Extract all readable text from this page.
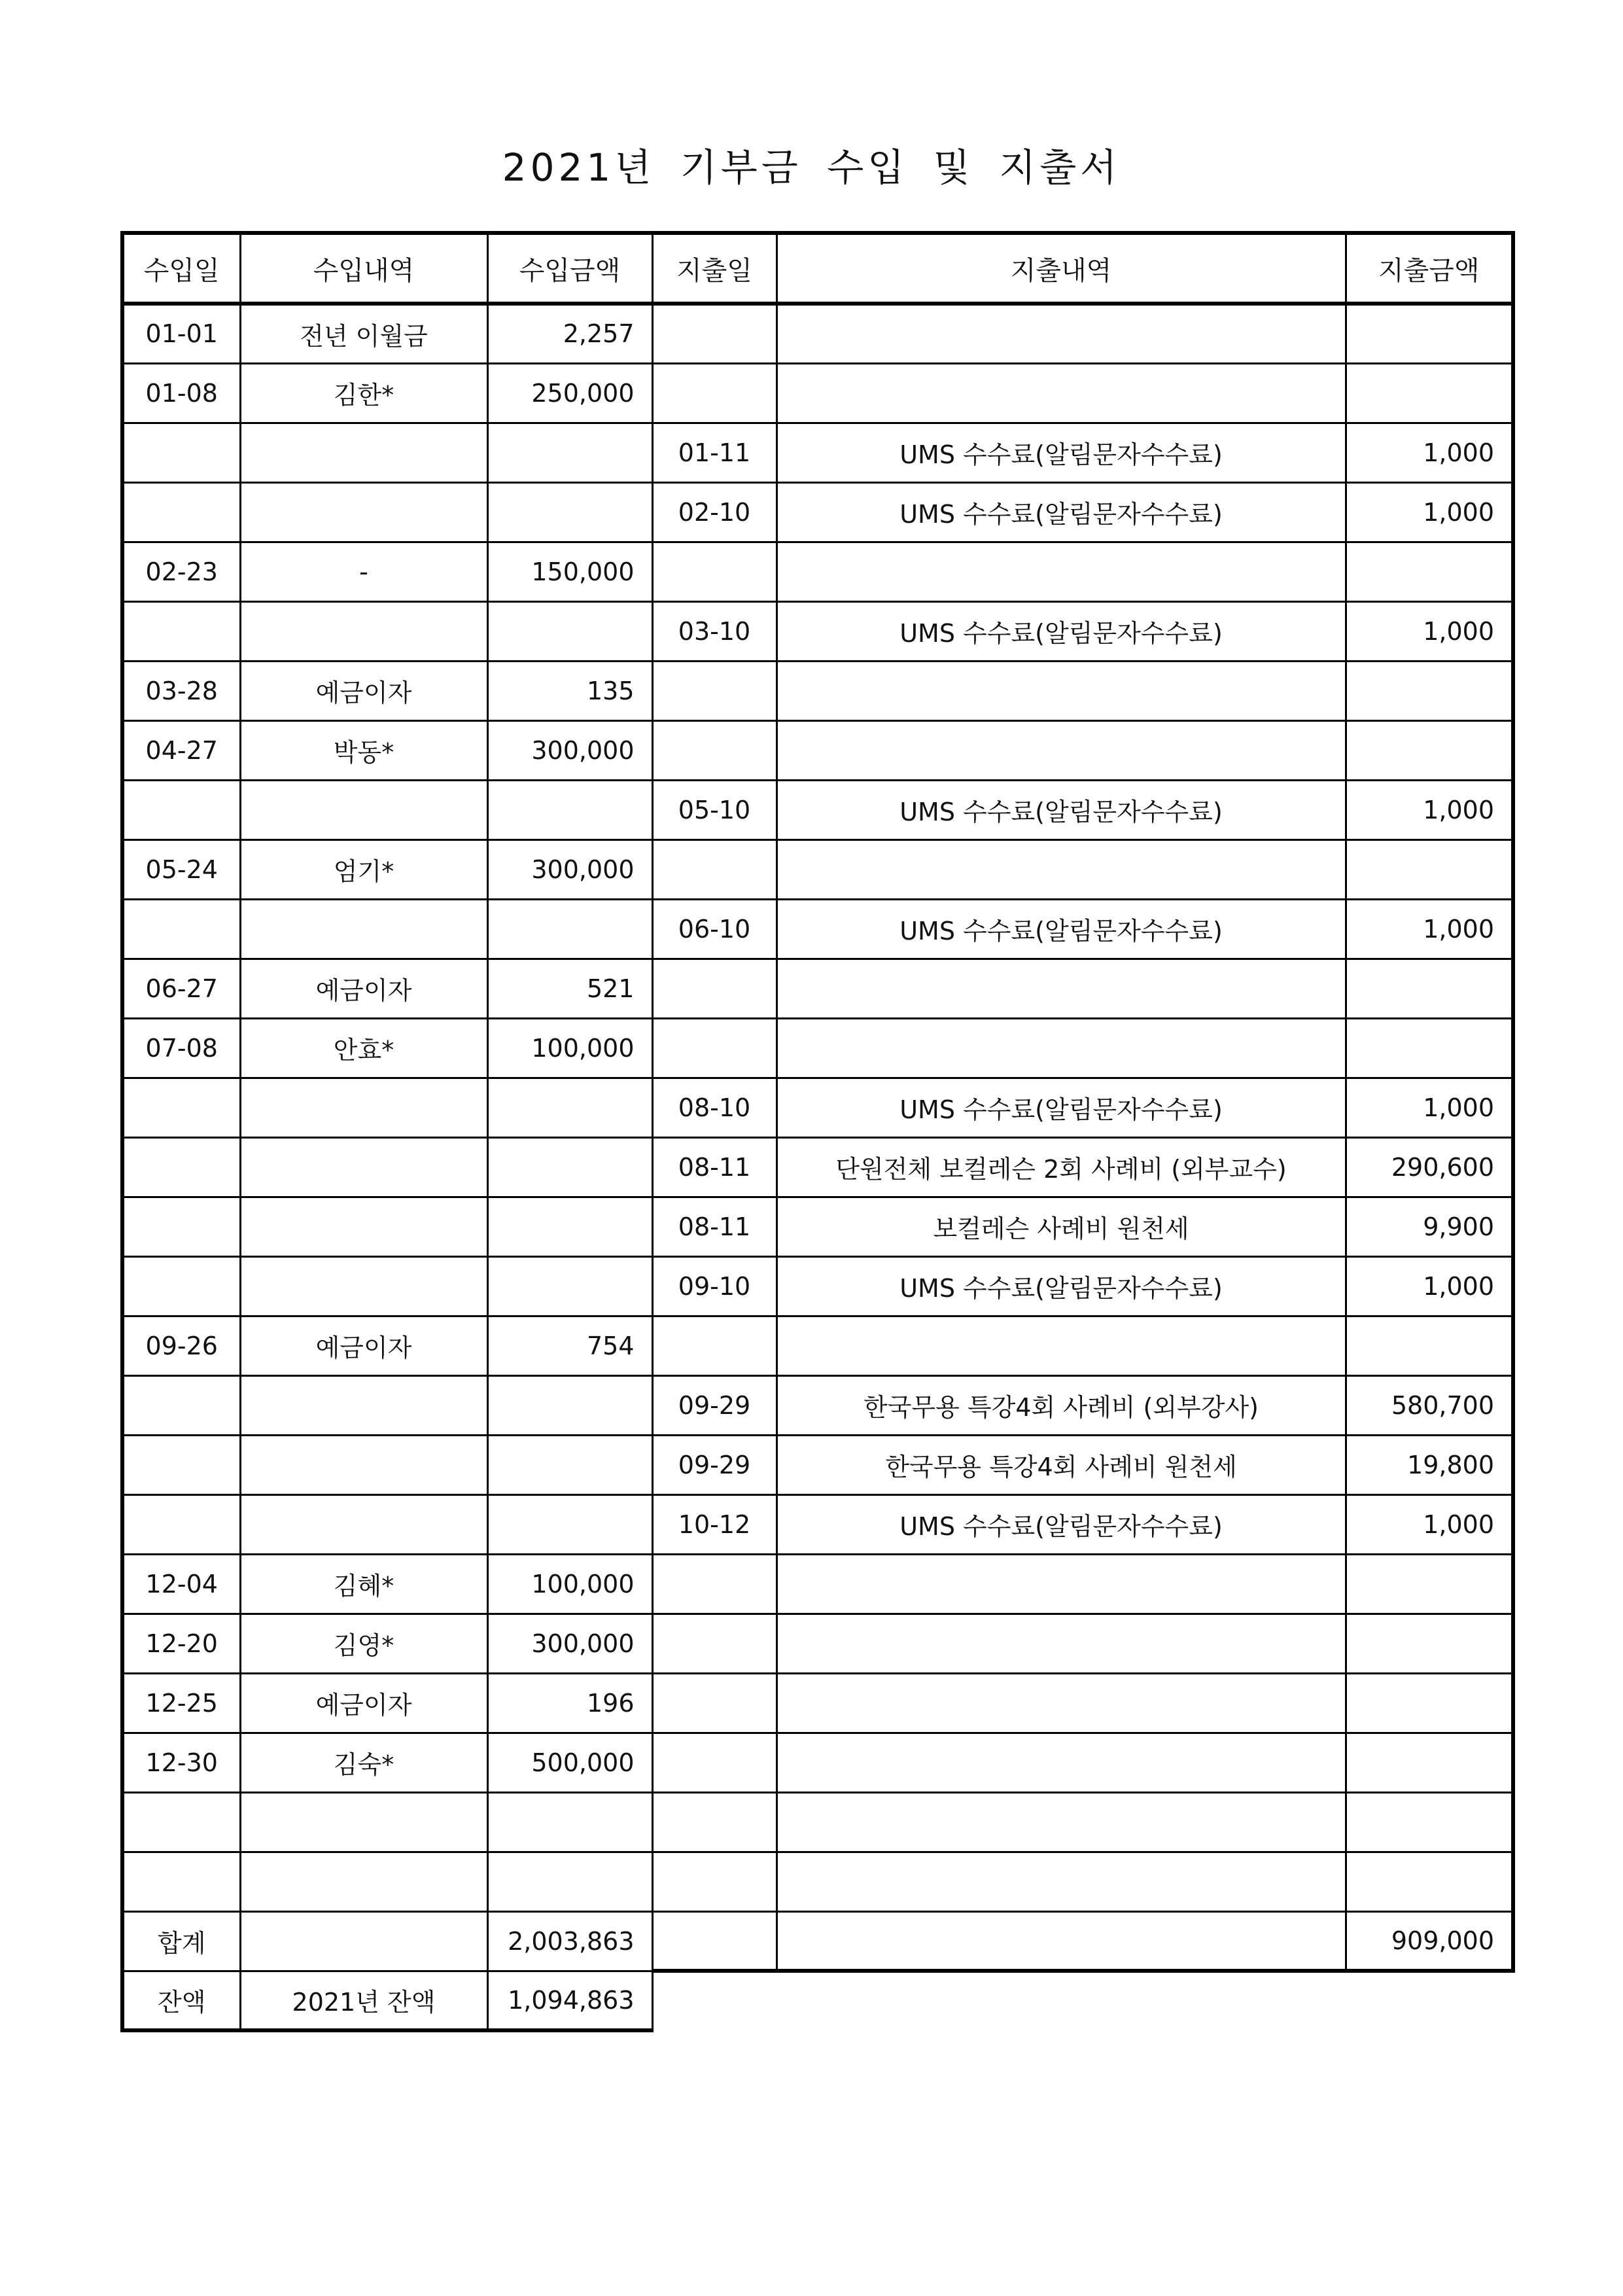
2021년 기부금 수입 및 지출서
수입일	수입내역	수입금액	지출일	지출내역	지출금액
01-01	전년 이월금	2,257			
01-08	김한*	250,000			
			01-11	UMS 수수료(알림문자수수료)	1,000
			02-10	UMS 수수료(알림문자수수료)	1,000
02-23	-	150,000			
			03-10	UMS 수수료(알림문자수수료)	1,000
03-28	예금이자	135			
04-27	박동*	300,000			
			05-10	UMS 수수료(알림문자수수료)	1,000
05-24	엄기*	300,000			
			06-10	UMS 수수료(알림문자수수료)	1,000
06-27	예금이자	521			
07-08	안효*	100,000			
			08-10	UMS 수수료(알림문자수수료)	1,000
			08-11	단원전체 보컬레슨 2회 사례비 (외부교수)	290,600
			08-11	보컬레슨 사례비 원천세	9,900
			09-10	UMS 수수료(알림문자수수료)	1,000
09-26	예금이자	754			
			09-29	한국무용 특강4회 사례비 (외부강사)	580,700
			09-29	한국무용 특강4회 사례비 원천세	19,800
			10-12	UMS 수수료(알림문자수수료)	1,000
12-04	김혜*	100,000			
12-20	김영*	300,000			
12-25	예금이자	196			
12-30	김숙*	500,000			

합계		2,003,863			909,000
잔액	2021년 잔액	1,094,863			
